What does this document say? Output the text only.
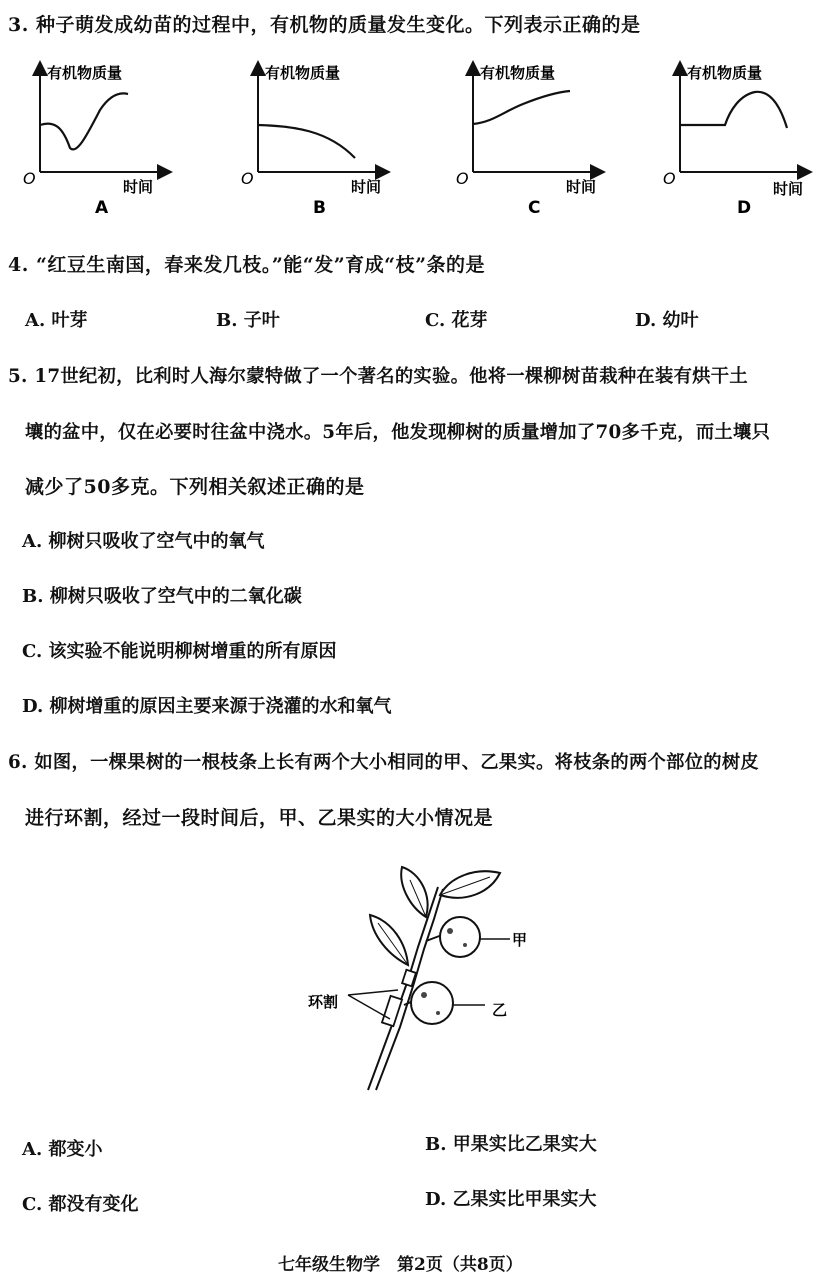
3. 种子萌发成幼苗的过程中，有机物的质量发生变化。下列表示正确的是
有机物质量
时间
O
A
有机物质量
时间
O
B
有机物质量
时间
O
C
有机物质量
时间
O
D
4. “红豆生南国，春来发几枝。”能“发”育成“枝”条的是
A. 叶芽	B. 子叶	C. 花芽	D. 幼叶
5. 17世纪初，比利时人海尔蒙特做了一个著名的实验。他将一棵柳树苗栽种在装有烘干土
壤的盆中，仅在必要时往盆中浇水。5年后，他发现柳树的质量增加了70多千克，而土壤只
减少了50多克。下列相关叙述正确的是
A. 柳树只吸收了空气中的氧气
B. 柳树只吸收了空气中的二氧化碳
C. 该实验不能说明柳树增重的所有原因
D. 柳树增重的原因主要来源于浇灌的水和氧气
6. 如图，一棵果树的一根枝条上长有两个大小相同的甲、乙果实。将枝条的两个部位的树皮
进行环割，经过一段时间后，甲、乙果实的大小情况是
甲
乙
环割
A. 都变小	B. 甲果实比乙果实大
C. 都没有变化	D. 乙果实比甲果实大
七年级生物学　第2页（共8页）
